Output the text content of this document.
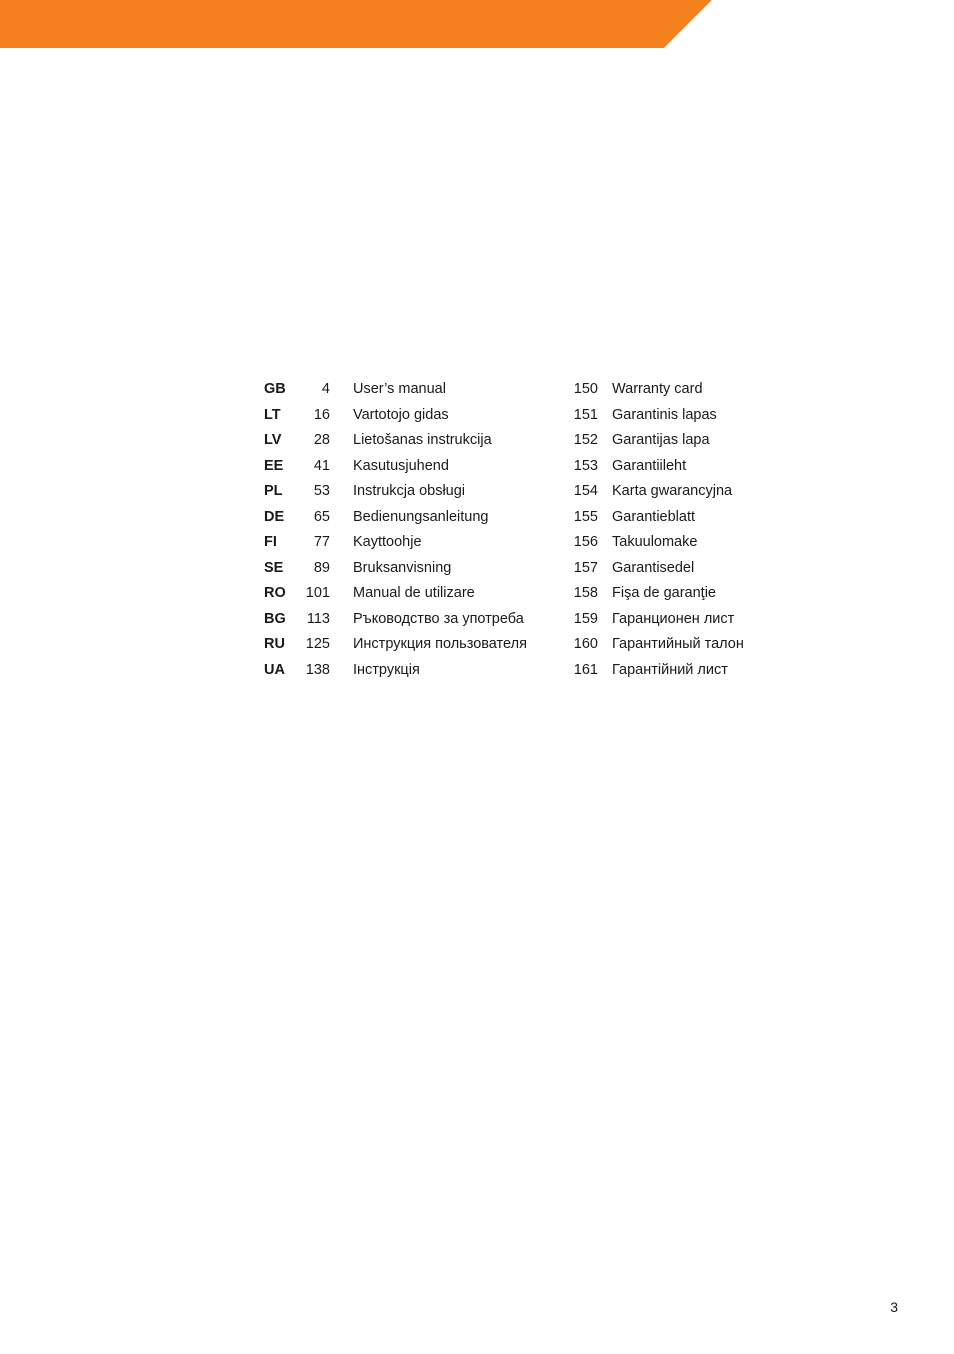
GB	4 User’s manual	150 Warranty card
LT	16 Vartotojo gidas	151 Garantinis lapas
LV	28 Lietošanas instrukcija	152 Garantijas lapa
EE	41 Kasutusjuhend	153 Garantiileht
PL	53 Instrukcja obsługi	154 Karta gwarancyjna
DE	65 Bedienungsanleitung	155 Garantieblatt
FI	77 Kayttoohje	156 Takuulomake
SE	89 Bruksanvisning	157 Garantisedel
RO	101 Manual de utilizare	158 Fişa de garanţie
BG	113 Ръководство за употреба	159 Гаранционен лист
RU	125 Инструкция пользователя	160 Гарантийный талон
UA	138 Інструкція	161 Гарантійний лист
3
